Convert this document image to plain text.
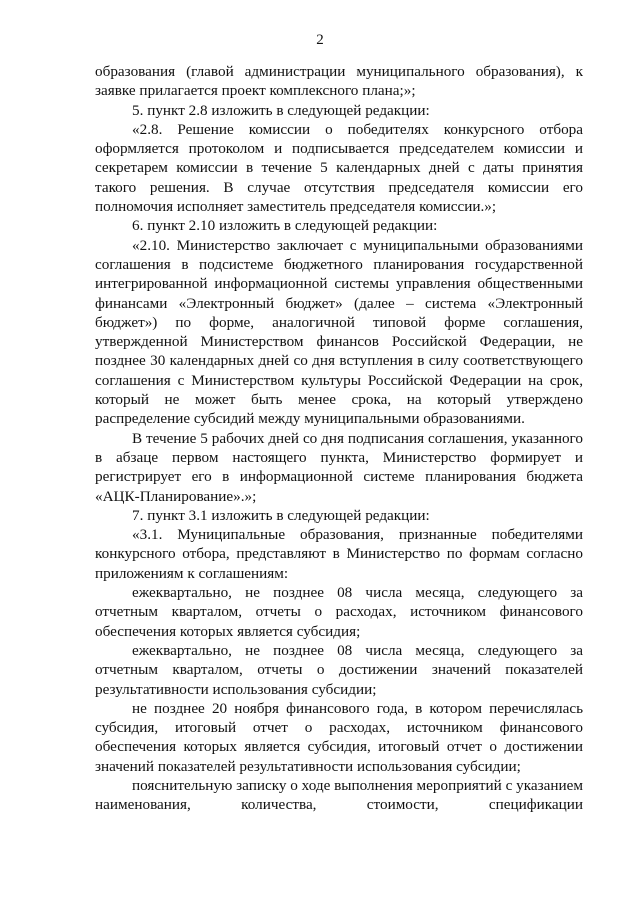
2

образования (главой администрации муниципального образования), к заявке прилагается проект комплексного плана;»;

5. пункт 2.8 изложить в следующей редакции:

«2.8. Решение комиссии о победителях конкурсного отбора оформляется протоколом и подписывается председателем комиссии и секретарем комиссии в течение 5 календарных дней с даты принятия такого решения. В случае отсутствия председателя комиссии его полномочия исполняет заместитель председателя комиссии.»;

6. пункт 2.10 изложить в следующей редакции:

«2.10. Министерство заключает с муниципальными образованиями соглашения в подсистеме бюджетного планирования государственной интегрированной информационной системы управления общественными финансами «Электронный бюджет» (далее – система «Электронный бюджет») по форме, аналогичной типовой форме соглашения, утвержденной Министерством финансов Российской Федерации, не позднее 30 календарных дней со дня вступления в силу соответствующего соглашения с Министерством культуры Российской Федерации на срок, который не может быть менее срока, на который утверждено распределение субсидий между муниципальными образованиями.

В течение 5 рабочих дней со дня подписания соглашения, указанного в абзаце первом настоящего пункта, Министерство формирует и регистрирует его в информационной системе планирования бюджета «АЦК-Планирование».»;

7. пункт 3.1 изложить в следующей редакции:

«3.1. Муниципальные образования, признанные победителями конкурсного отбора, представляют в Министерство по формам согласно приложениям к соглашениям:

ежеквартально, не позднее 08 числа месяца, следующего за отчетным кварталом, отчеты о расходах, источником финансового обеспечения которых является субсидия;

ежеквартально, не позднее 08 числа месяца, следующего за отчетным кварталом, отчеты о достижении значений показателей результативности использования субсидии;

не позднее 20 ноября финансового года, в котором перечислялась субсидия, итоговый отчет о расходах, источником финансового обеспечения которых является субсидия, итоговый отчет о достижении значений показателей результативности использования субсидии;

пояснительную записку о ходе выполнения мероприятий с указанием наименования, количества, стоимости, спецификации
